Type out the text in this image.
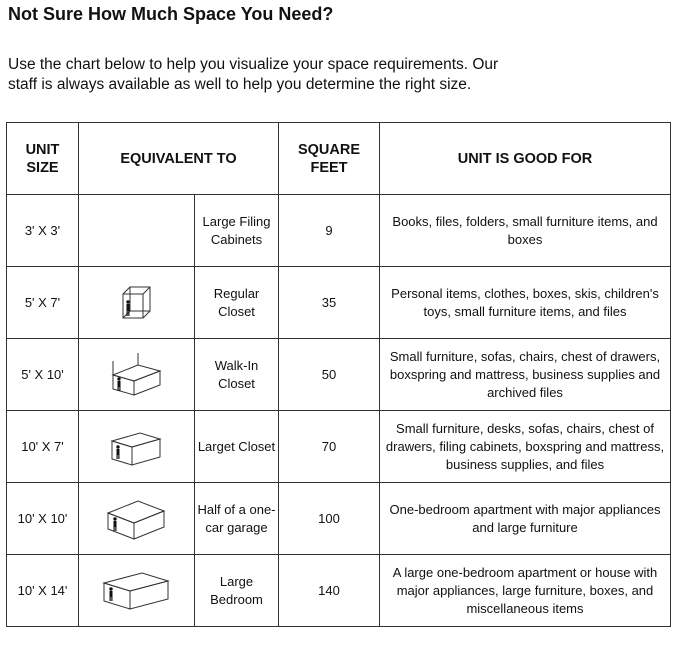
Not Sure How Much Space You Need?

Use the chart below to help you visualize your space requirements. Our staff is always available as well to help you determine the right size.

UNIT SIZE	EQUIVALENT TO		SQUARE FEET	UNIT IS GOOD FOR
3' X 3'		Large Filing Cabinets	9	Books, files, folders, small furniture items, and boxes
5' X 7'		Regular Closet	35	Personal items, clothes, boxes, skis, children's toys, small furniture items, and files
5' X 10'		Walk-In Closet	50	Small furniture, sofas, chairs, chest of drawers, boxspring and mattress, business supplies and archived files
10' X 7'		Larget Closet	70	Small furniture, desks, sofas, chairs, chest of drawers, filing cabinets, boxspring and mattress, business supplies, and files
10' X 10'		Half of a one-car garage	100	One-bedroom apartment with major appliances and large furniture
10' X 14'		Large Bedroom	140	A large one-bedroom apartment or house with major appliances, large furniture, boxes, and miscellaneous items
